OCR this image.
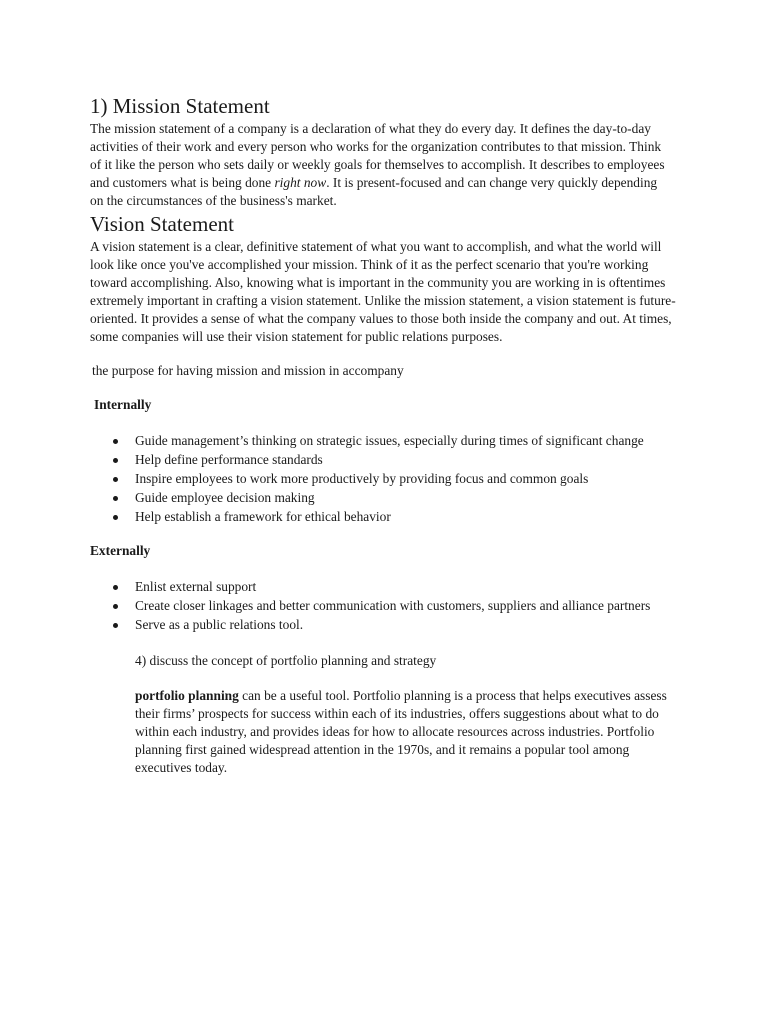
1) Mission Statement

The mission statement of a company is a declaration of what they do every day. It defines the day-to-day activities of their work and every person who works for the organization contributes to that mission. Think of it like the person who sets daily or weekly goals for themselves to accomplish. It describes to employees and customers what is being done right now. It is present-focused and can change very quickly depending on the circumstances of the business's market.

Vision Statement

A vision statement is a clear, definitive statement of what you want to accomplish, and what the world will look like once you've accomplished your mission. Think of it as the perfect scenario that you're working toward accomplishing. Also, knowing what is important in the community you are working in is oftentimes extremely important in crafting a vision statement. Unlike the mission statement, a vision statement is future-oriented. It provides a sense of what the company values to those both inside the company and out. At times, some companies will use their vision statement for public relations purposes.

the purpose for having mission and mission in accompany

Internally

Guide management’s thinking on strategic issues, especially during times of significant change
Help define performance standards
Inspire employees to work more productively by providing focus and common goals
Guide employee decision making
Help establish a framework for ethical behavior

Externally

Enlist external support
Create closer linkages and better communication with customers, suppliers and alliance partners
Serve as a public relations tool.

4) discuss the concept of portfolio planning and strategy

portfolio planning can be a useful tool. Portfolio planning is a process that helps executives assess their firms’ prospects for success within each of its industries, offers suggestions about what to do within each industry, and provides ideas for how to allocate resources across industries. Portfolio planning first gained widespread attention in the 1970s, and it remains a popular tool among executives today.
